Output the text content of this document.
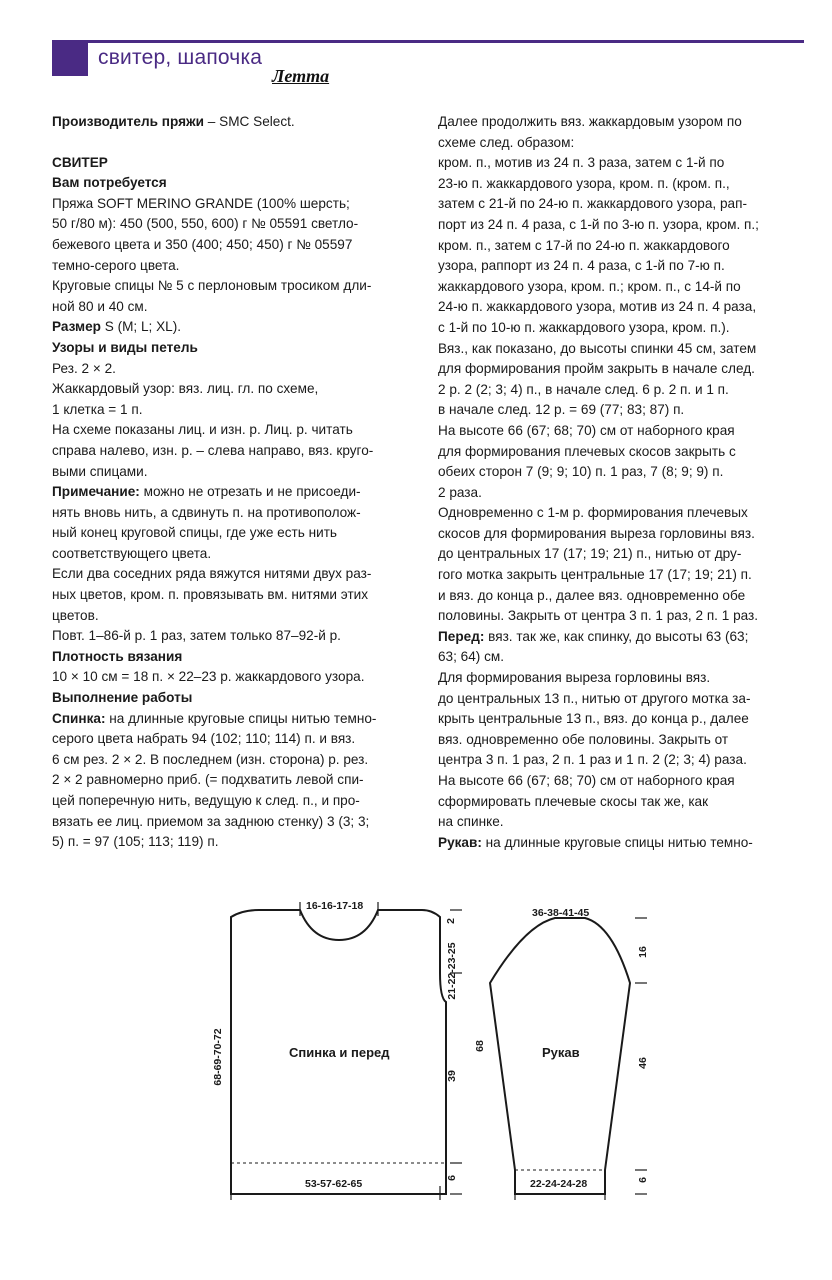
свитер, шапочка
Летта

Производитель пряжи – SMC Select.

СВИТЕР
Вам потребуется

Пряжа SOFT MERINO GRANDE (100% шерсть;
50 г/80 м): 450 (500, 550, 600) г № 05591 светло-
бежевого цвета и 350 (400; 450; 450) г № 05597
темно-серого цвета.

Круговые спицы № 5 с перлоновым тросиком дли-
ной 80 и 40 см.

Размер S (M; L; XL).

Узоры и виды петель

Рез. 2 × 2.

Жаккардовый узор: вяз. лиц. гл. по схеме,
1 клетка = 1 п.

На схеме показаны лиц. и изн. р. Лиц. р. читать
справа налево, изн. р. – слева направо, вяз. круго-
выми спицами.

Примечание: можно не отрезать и не присоеди-
нять вновь нить, а сдвинуть п. на противополож-
ный конец круговой спицы, где уже есть нить
соответствующего цвета.

Если два соседних ряда вяжутся нитями двух раз-
ных цветов, кром. п. провязывать вм. нитями этих
цветов.

Повт. 1–86-й р. 1 раз, затем только 87–92-й р.

Плотность вязания

10 × 10 см = 18 п. × 22–23 р. жаккардового узора.

Выполнение работы

Спинка: на длинные круговые спицы нитью темно-
серого цвета набрать 94 (102; 110; 114) п. и вяз.
6 см рез. 2 × 2. В последнем (изн. сторона) р. рез.
2 × 2 равномерно приб. (= подхватить левой спи-
цей поперечную нить, ведущую к след. п., и про-
вязать ее лиц. приемом за заднюю стенку) 3 (3; 3;
5) п. = 97 (105; 113; 119) п.

Далее продолжить вяз. жаккардовым узором по
схеме след. образом:
кром. п., мотив из 24 п. 3 раза, затем с 1-й по
23-ю п. жаккардового узора, кром. п. (кром. п.,
затем с 21-й по 24-ю п. жаккардового узора, рап-
порт из 24 п. 4 раза, с 1-й по 3-ю п. узора, кром. п.;
кром. п., затем с 17-й по 24-ю п. жаккардового
узора, раппорт из 24 п. 4 раза, с 1-й по 7-ю п.
жаккардового узора, кром. п.; кром. п., с 14-й по
24-ю п. жаккардового узора, мотив из 24 п. 4 раза,
с 1-й по 10-ю п. жаккардового узора, кром. п.).
Вяз., как показано, до высоты спинки 45 см, затем
для формирования пройм закрыть в начале след.
2 р. 2 (2; 3; 4) п., в начале след. 6 р. 2 п. и 1 п.
в начале след. 12 р. = 69 (77; 83; 87) п.

На высоте 66 (67; 68; 70) см от наборного края
для формирования плечевых скосов закрыть с
обеих сторон 7 (9; 9; 10) п. 1 раз, 7 (8; 9; 9) п.
2 раза.

Одновременно с 1-м р. формирования плечевых
скосов для формирования выреза горловины вяз.
до центральных 17 (17; 19; 21) п., нитью от дру-
гого мотка закрыть центральные 17 (17; 19; 21) п.
и вяз. до конца р., далее вяз. одновременно обе
половины. Закрыть от центра 3 п. 1 раз, 2 п. 1 раз.

Перед: вяз. так же, как спинку, до высоты 63 (63;
63; 64) см.

Для формирования выреза горловины вяз.
до центральных 13 п., нитью от другого мотка за-
крыть центральные 13 п., вяз. до конца р., далее
вяз. одновременно обе половины. Закрыть от
центра 3 п. 1 раз, 2 п. 1 раз и 1 п. 2 (2; 3; 4) раза.
На высоте 66 (67; 68; 70) см от наборного края
сформировать плечевые скосы так же, как
на спинке.

Рукав: на длинные круговые спицы нитью темно-

Спинка и перед	Рукав
16-16-17-18
53-57-62-65
68-69-70-72
2
21-22-23-25
39
6
36-38-41-45
22-24-24-28
68
16
46
6
